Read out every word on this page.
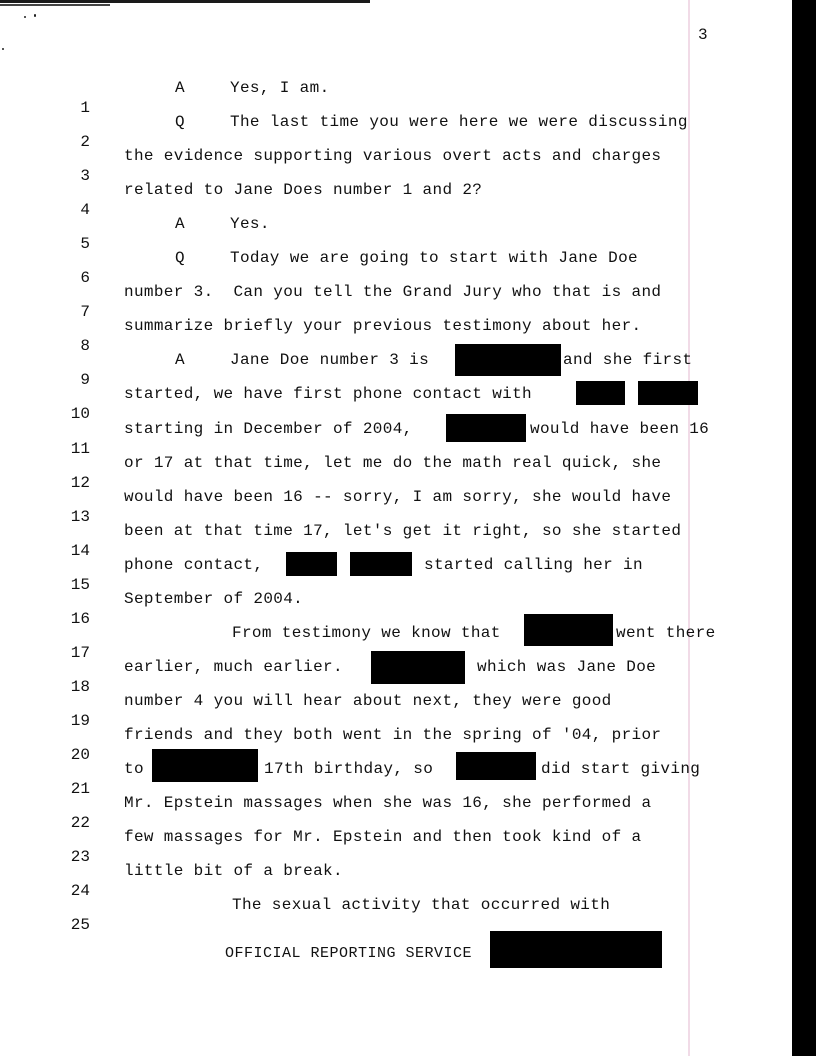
3

1

A

	Yes, I am.

2

Q

	The last time you were here we were discussing

3

the evidence supporting various overt acts and charges

4

related to Jane Does number 1 and 2?

5

A

	Yes.

6

Q

	Today we are going to start with Jane Doe

7

number 3.  Can you tell the Grand Jury who that is and

8

summarize briefly your previous testimony about her.

9

A

	Jane Doe number 3 is

	and she first

10

started, we have first phone contact with

11

starting in December of 2004,

	would have been 16

12

or 17 at that time, let me do the math real quick, she

13

would have been 16 -- sorry, I am sorry, she would have

14

been at that time 17, let's get it right, so she started

15

phone contact,

	started calling her in

16

September of 2004.

17

From testimony we know that

	went there

18

earlier, much earlier.

	which was Jane Doe

19

number 4 you will hear about next, they were good

20

friends and they both went in the spring of '04, prior

21

to

	17th birthday, so

	did start giving

22

Mr. Epstein massages when she was 16, she performed a

23

few massages for Mr. Epstein and then took kind of a

24

little bit of a break.

25

The sexual activity that occurred with

OFFICIAL REPORTING SERVICE
